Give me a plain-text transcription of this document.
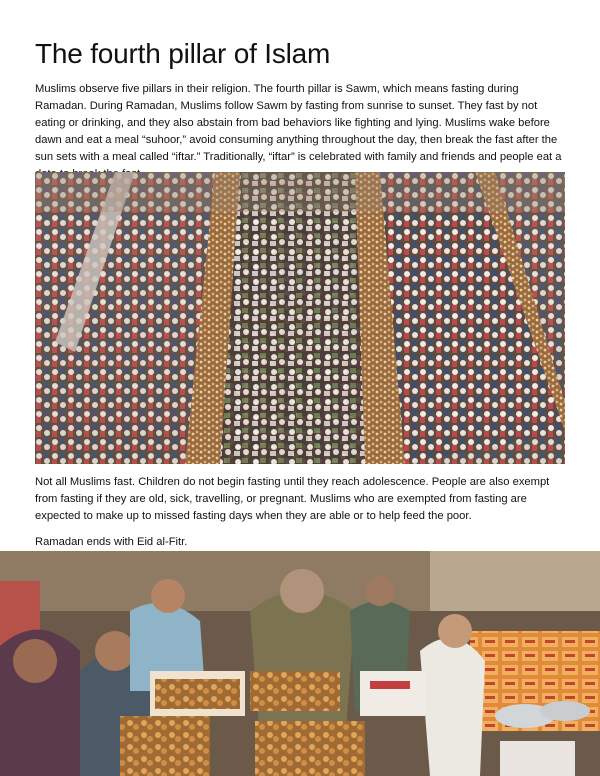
The fourth pillar of Islam

Muslims observe five pillars in their religion. The fourth pillar is Sawm, which means fasting during Ramadan. During Ramadan, Muslims follow Sawm by fasting from sunrise to sunset. They fast by not eating or drinking, and they also abstain from bad behaviors like fighting and lying. Muslims wake before dawn and eat a meal “suhoor,” avoid consuming anything throughout the day, then break the fast after the sun sets with a meal called “iftar.” Traditionally, “iftar” is celebrated with family and friends and people eat a

Not all Muslims fast. Children do not begin fasting until they reach adolescence. People are also exempt from fasting if they are old, sick, travelling, or pregnant. Muslims who are exempted from fasting are expected to make up to missed fasting days when they are able or to help feed the poor.

Ramadan ends with Eid al-Fitr.
